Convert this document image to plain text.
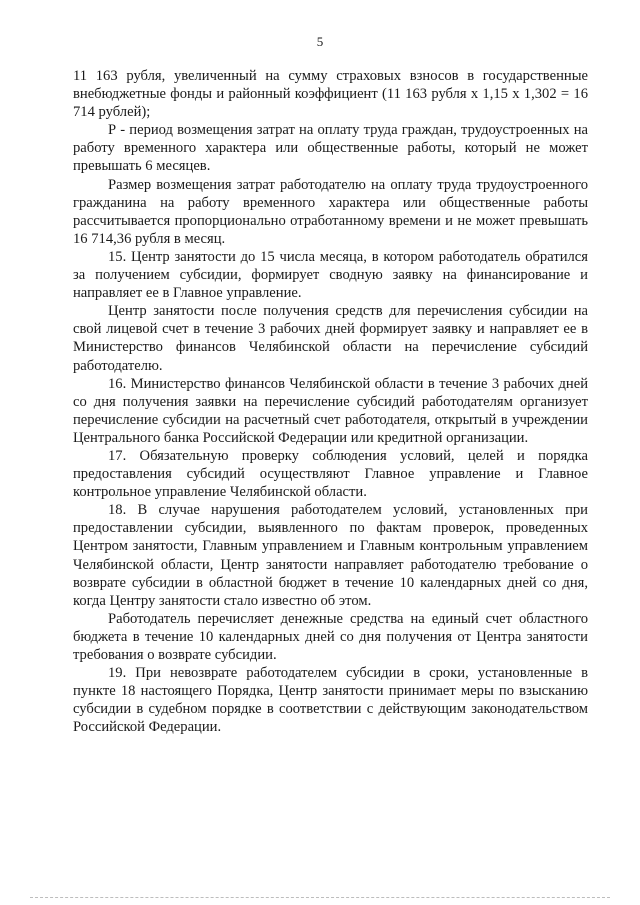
5

11 163 рубля, увеличенный на сумму страховых взносов в государственные внебюджетные фонды и районный коэффициент (11 163 рубля х 1,15 х 1,302 = 16 714 рублей);

Р - период возмещения затрат на оплату труда граждан, трудоустроенных на работу временного характера или общественные работы, который не может превышать 6 месяцев.

Размер возмещения затрат работодателю на оплату труда трудоустроенного гражданина на работу временного характера или общественные работы рассчитывается пропорционально отработанному времени и не может превышать 16 714,36 рубля в месяц.

15. Центр занятости до 15 числа месяца, в котором работодатель обратился за получением субсидии, формирует сводную заявку на финансирование и направляет ее в Главное управление.

Центр занятости после получения средств для перечисления субсидии на свой лицевой счет в течение 3 рабочих дней формирует заявку и направляет ее в Министерство финансов Челябинской области на перечисление субсидий работодателю.

16. Министерство финансов Челябинской области в течение 3 рабочих дней со дня получения заявки на перечисление субсидий работодателям организует перечисление субсидии на расчетный счет работодателя, открытый в учреждении Центрального банка Российской Федерации или кредитной организации.

17. Обязательную проверку соблюдения условий, целей и порядка предоставления субсидий осуществляют Главное управление и Главное контрольное управление Челябинской области.

18. В случае нарушения работодателем условий, установленных при предоставлении субсидии, выявленного по фактам проверок, проведенных Центром занятости, Главным управлением и Главным контрольным управлением Челябинской области, Центр занятости направляет работодателю требование о возврате субсидии в областной бюджет в течение 10 календарных дней со дня, когда Центру занятости стало известно об этом.

Работодатель перечисляет денежные средства на единый счет областного бюджета в течение 10 календарных дней со дня получения от Центра занятости требования о возврате субсидии.

19. При невозврате работодателем субсидии в сроки, установленные в пункте 18 настоящего Порядка, Центр занятости принимает меры по взысканию субсидии в судебном порядке в соответствии с действующим законодательством Российской Федерации.
